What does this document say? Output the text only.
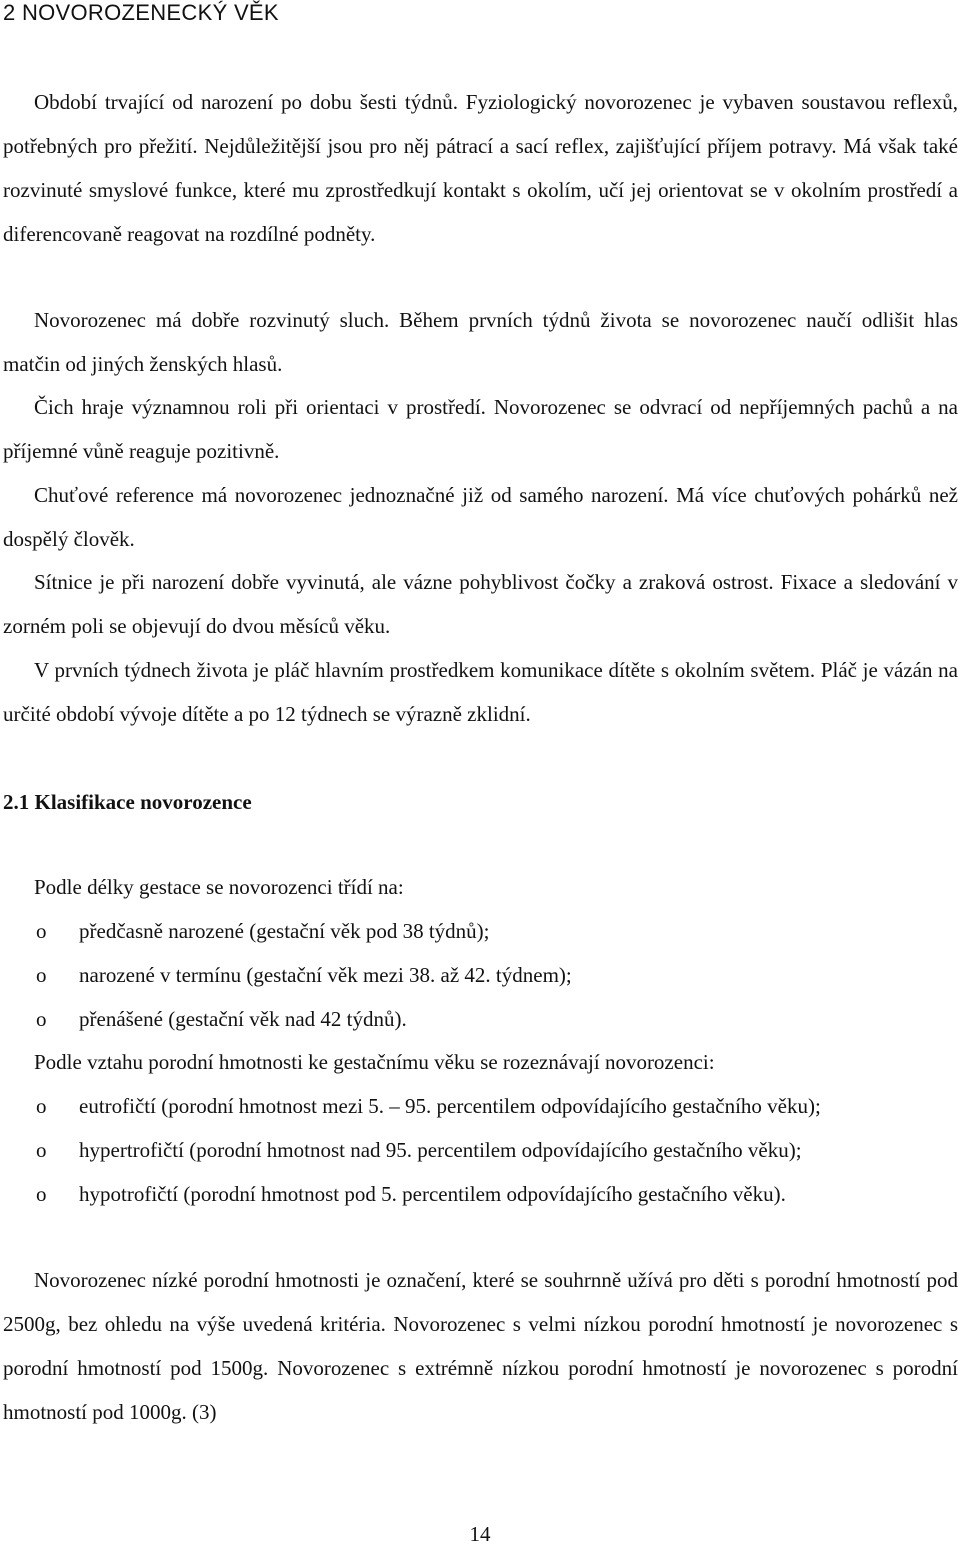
2 NOVOROZENECKÝ VĚK

Období trvající od narození po dobu šesti týdnů. Fyziologický novorozenec je vybaven soustavou reflexů, potřebných pro přežití. Nejdůležitější jsou pro něj pátrací a sací reflex, zajišťující příjem potravy. Má však také rozvinuté smyslové funkce, které mu zprostředkují kontakt s okolím, učí jej orientovat se v okolním prostředí a diferencovaně reagovat na rozdílné podněty.

Novorozenec má dobře rozvinutý sluch. Během prvních týdnů života se novorozenec naučí odlišit hlas matčin od jiných ženských hlasů.

Čich hraje významnou roli při orientaci v prostředí. Novorozenec se odvrací od nepříjemných pachů a na příjemné vůně reaguje pozitivně.

Chuťové reference má novorozenec jednoznačné již od samého narození. Má více chuťových pohárků než dospělý člověk.

Sítnice je při narození dobře vyvinutá, ale vázne pohyblivost čočky a zraková ostrost. Fixace a sledování v zorném poli se objevují do dvou měsíců věku.

V prvních týdnech života je pláč hlavním prostředkem komunikace dítěte s okolním světem. Pláč je vázán na určité období vývoje dítěte a po 12 týdnech se výrazně zklidní.

2.1 Klasifikace novorozence

Podle délky gestace se novorozenci třídí na:

o předčasně narozené (gestační věk pod 38 týdnů);
o narozené v termínu (gestační věk mezi 38. až 42. týdnem);
o přenášené (gestační věk nad 42 týdnů).

Podle vztahu porodní hmotnosti ke gestačnímu věku se rozeznávají novorozenci:

o eutrofičtí (porodní hmotnost mezi 5. – 95. percentilem odpovídajícího gestačního věku);
o hypertrofičtí (porodní hmotnost nad 95. percentilem odpovídajícího gestačního věku);
o hypotrofičtí (porodní hmotnost pod 5. percentilem odpovídajícího gestačního věku).

Novorozenec nízké porodní hmotnosti je označení, které se souhrnně užívá pro děti s porodní hmotností pod 2500g, bez ohledu na výše uvedená kritéria. Novorozenec s velmi nízkou porodní hmotností je novorozenec s porodní hmotností pod 1500g. Novorozenec s extrémně nízkou porodní hmotností je novorozenec s porodní hmotností pod 1000g. (3)

14
